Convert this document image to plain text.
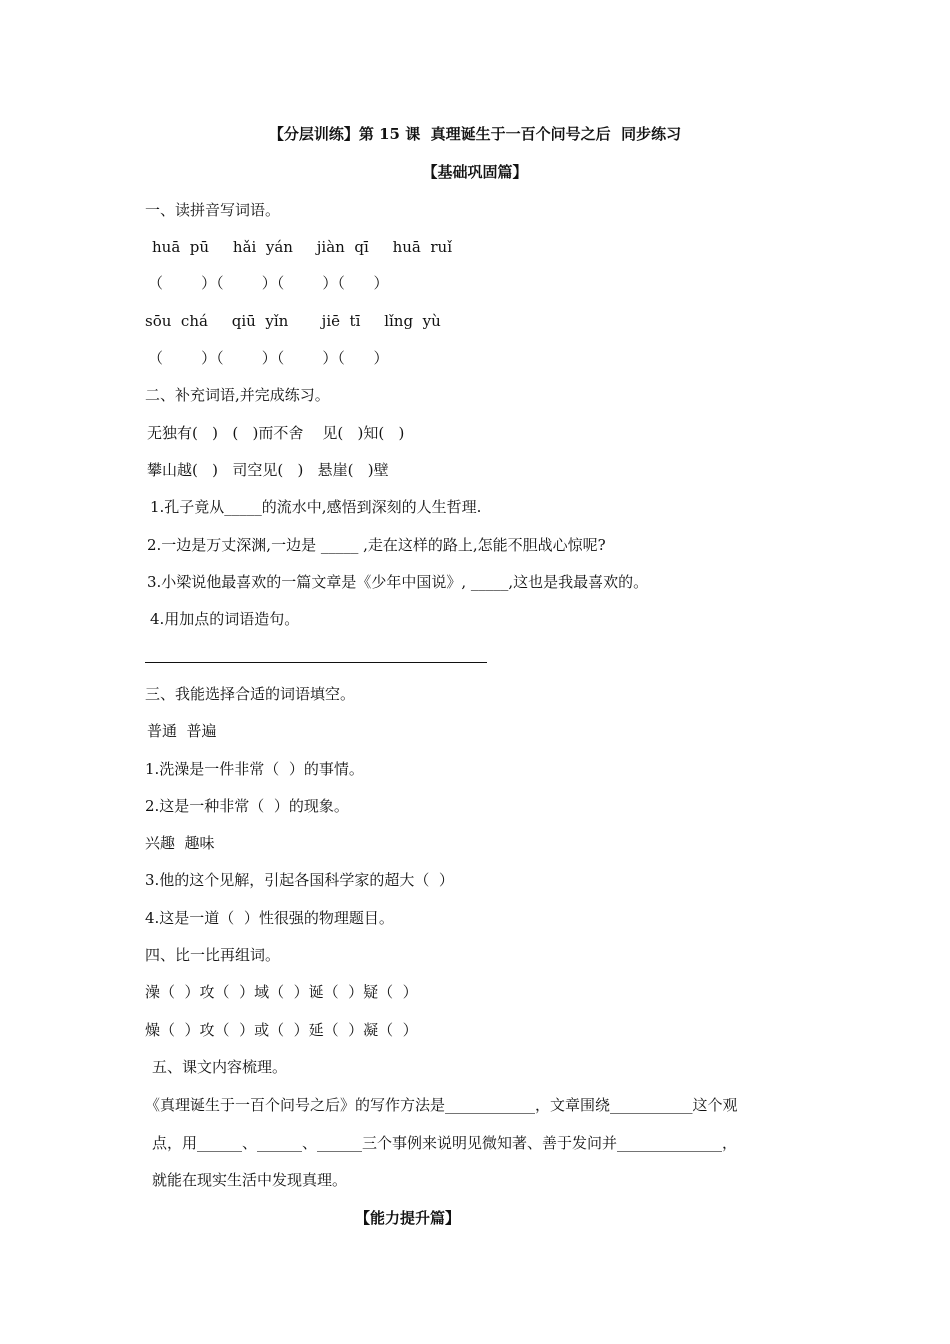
【分层训练】第 15 课  真理诞生于一百个问号之后  同步练习
【基础巩固篇】
一、读拼音写词语。
huā  pū     hǎi  yán     jiàn  qī     huā  ruǐ
（        ）（        ）（        ）（      ）
sōu  chá     qiū  yǐn       jiē  tī     lǐng  yù
（        ）（        ）（        ）（      ）
二、补充词语,并完成练习。
无独有(   )   (   )而不舍    见(   )知(   )
攀山越(   )   司空见(   )   悬崖(   )壁
1.孔子竟从_____的流水中,感悟到深刻的人生哲理.
2.一边是万丈深渊,一边是 _____ ,走在这样的路上,怎能不胆战心惊呢?
3.小梁说他最喜欢的一篇文章是《少年中国说》, _____,这也是我最喜欢的。
4.用加点的词语造句。
三、我能选择合适的词语填空。
普通  普遍
1.洗澡是一件非常（  ）的事情。
2.这是一种非常（  ）的现象。
兴趣  趣味
3.他的这个见解，引起各国科学家的超大（  ）
4.这是一道（  ）性很强的物理题目。
四、比一比再组词。
澡（  ）攻（  ）域（  ）诞（  ）疑（  ）
燥（  ）攻（  ）或（  ）延（  ）凝（  ）
五、课文内容梳理。
《真理诞生于一百个问号之后》的写作方法是____________，文章围绕___________这个观
点，用______、______、______三个事例来说明见微知著、善于发问并______________，
就能在现实生活中发现真理。
【能力提升篇】
